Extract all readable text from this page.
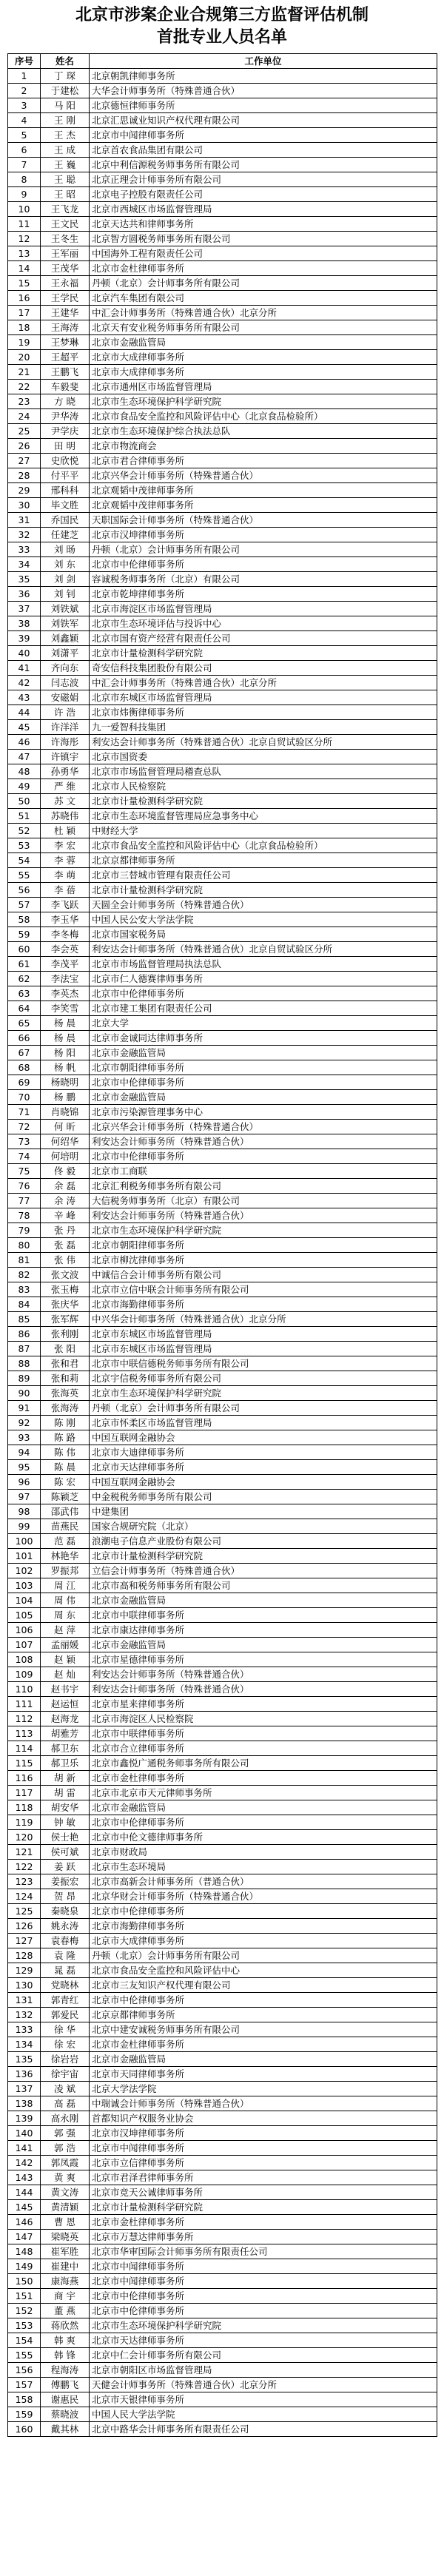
北京市涉案企业合规第三方监督评估机制
首批专业人员名单
序号	姓名	工作单位
1	丁 琛	北京朝凯律师事务所
2	于建松	大华会计师事务所（特殊普通合伙）
3	马 阳	北京德恒律师事务所
4	王 刚	北京汇思诚业知识产权代理有限公司
5	王 杰	北京市中闻律师事务所
6	王 成	北京首农食品集团有限公司
7	王 巍	北京中利信源税务师事务所有限公司
8	王 聪	北京正理会计师事务所有限公司
9	王 昭	北京电子控股有限责任公司
10	王飞龙	北京市西城区市场监督管理局
11	王文民	北京天达共和律师事务所
12	王冬生	北京智方圆税务师事务所有限公司
13	王军丽	中国海外工程有限责任公司
14	王茂华	北京市金杜律师事务所
15	王永福	丹顿（北京）会计师事务所有限公司
16	王学民	北京汽车集团有限公司
17	王建华	中汇会计师事务所（特殊普通合伙）北京分所
18	王海涛	北京天有安业税务师事务所有限公司
19	王梦琳	北京市金融监管局
20	王超平	北京市大成律师事务所
21	王鹏飞	北京市大成律师事务所
22	车毅斐	北京市通州区市场监督管理局
23	方 晓	北京市生态环境保护科学研究院
24	尹华涛	北京市食品安全监控和风险评估中心（北京食品检验所）
25	尹学庆	北京市生态环境保护综合执法总队
26	田 明	北京市物流商会
27	史欣悦	北京市君合律师事务所
28	付平平	北京兴华会计师事务所（特殊普通合伙）
29	邢科科	北京观韬中茂律师事务所
30	毕文胜	北京观韬中茂律师事务所
31	乔国民	天职国际会计师事务所（特殊普通合伙）
32	任建芝	北京市汉坤律师事务所
33	刘 旸	丹顿（北京）会计师事务所有限公司
34	刘 东	北京市中伦律师事务所
35	刘 剑	容诚税务师事务所（北京）有限公司
36	刘 钊	北京市乾坤律师事务所
37	刘铁斌	北京市海淀区市场监督管理局
38	刘铁军	北京市生态环境评估与投诉中心
39	刘鑫颖	北京市国有资产经营有限责任公司
40	刘潇平	北京市计量检测科学研究院
41	齐向东	奇安信科技集团股份有限公司
42	闫志波	中汇会计师事务所（特殊普通合伙）北京分所
43	安磁娟	北京市东城区市场监督管理局
44	许 浩	北京市炜衡律师事务所
45	许洋洋	九一爱智科技集团
46	许海彤	利安达会计师事务所（特殊普通合伙）北京自贸试验区分所
47	许镇宇	北京市国资委
48	孙勇华	北京市市场监督管理局稽查总队
49	严 维	北京市人民检察院
50	苏 文	北京市计量检测科学研究院
51	苏晓伟	北京市生态环境监督管理局应急事务中心
52	杜 颖	中财经大学
53	李 宏	北京市食品安全监控和风险评估中心（北京食品检验所）
54	李 蓉	北京京都律师事务所
55	李 萌	北京市三替城市管理有限责任公司
56	李 蓓	北京市计量检测科学研究院
57	李飞跃	天圆全会计师事务所（特殊普通合伙）
58	李玉华	中国人民公安大学法学院
59	李冬梅	北京市国家税务局
60	李会英	利安达会计师事务所（特殊普通合伙）北京自贸试验区分所
61	李茂平	北京市市场监督管理局执法总队
62	李法宝	北京市仁人德赛律师事务所
63	李英杰	北京市中伦律师事务所
64	李笑雪	北京市建工集团有限责任公司
65	杨 晨	北京大学
66	杨 晨	北京市金诚同达律师事务所
67	杨 阳	北京市金融监管局
68	杨 帆	北京市朝阳律师事务所
69	杨晓明	北京市中伦律师事务所
70	杨 鹏	北京市金融监管局
71	肖晓锦	北京市污染源管理事务中心
72	何 昕	北京兴华会计师事务所（特殊普通合伙）
73	何绍华	利安达会计师事务所（特殊普通合伙）
74	何培明	北京市中伦律师事务所
75	佟 毅	北京市工商联
76	余 磊	北京汇利税务师事务所有限公司
77	余 涛	大信税务师事务所（北京）有限公司
78	辛 峰	利安达会计师事务所（特殊普通合伙）
79	张 丹	北京市生态环境保护科学研究院
80	张 磊	北京市朝阳律师事务所
81	张 伟	北京市柳沈律师事务所
82	张文波	中诚信合会计师事务所有限公司
83	张玉梅	北京市立信中联会计师事务所有限公司
84	张庆华	北京市海勤律师事务所
85	张军辉	中兴华会计师事务所（特殊普通合伙）北京分所
86	张利刚	北京市东城区市场监督管理局
87	张 阳	北京市东城区市场监督管理局
88	张和君	北京市中联信德税务师事务所有限公司
89	张和莉	北京宇信税务师事务所有限公司
90	张海英	北京市生态环境保护科学研究院
91	张海涛	丹顿（北京）会计师事务所有限公司
92	陈 刚	北京市怀柔区市场监督管理局
93	陈 路	中国互联网金融协会
94	陈 伟	北京市大迪律师事务所
95	陈 晨	北京市天达律师事务所
96	陈 宏	中国互联网金融协会
97	陈颖芝	中金税税务师事务所有限公司
98	邵武伟	中建集团
99	苗燕民	国家合规研究院（北京）
100	范 磊	浪潮电子信息产业股份有限公司
101	林艳华	北京市计量检测科学研究院
102	罗振邦	立信会计师事务所（特殊普通合伙）
103	周 江	北京市高和税务师事务所有限公司
104	周 伟	北京市金融监管局
105	周 东	北京市中联律师事务所
106	赵 萍	北京市康达律师事务所
107	孟丽媛	北京市金融监管局
108	赵 颖	北京市星德律师事务所
109	赵 灿	利安达会计师事务所（特殊普通合伙）
110	赵书宇	利安达会计师事务所（特殊普通合伙）
111	赵运恒	北京市星来律师事务所
112	赵海龙	北京市海淀区人民检察院
113	胡雅芳	北京市中联律师事务所
114	郝卫东	北京市合立律师事务所
115	郝卫乐	北京市鑫悦广通税务师事务所有限公司
116	胡 新	北京市金杜律师事务所
117	胡 雷	北京市北京市天元律师事务所
118	胡安华	北京市金融监管局
119	钟 敏	北京市中伦律师事务所
120	侯士艳	北京市中伦文德律师事务所
121	侯可斌	北京市财政局
122	姜 跃	北京市生态环境局
123	姜振宏	北京市高新会计师事务所（普通合伙）
124	贺 昂	北京华财会计师事务所（特殊普通合伙）
125	秦晓泉	北京市中伦律师事务所
126	姚永涛	北京市海勤律师事务所
127	袁春梅	北京市大成律师事务所
128	袁 隆	丹顿（北京）会计师事务所有限公司
129	晁 磊	北京市食品安全监控和风险评估中心
130	党晓林	北京市三友知识产权代理有限公司
131	郭青红	北京市中伦律师事务所
132	郭爱民	北京京都律师事务所
133	徐 华	北京中建安诚税务师事务所有限公司
134	徐 宏	北京市金杜律师事务所
135	徐岩岩	北京市金融监管局
136	徐宇宙	北京市天同律师事务所
137	凌 斌	北京大学法学院
138	高 磊	中瑞诚会计师事务所（特殊普通合伙）
139	高永刚	首都知识产权服务业协会
140	郭 强	北京市汉坤律师事务所
141	郭 浩	北京市中闻律师事务所
142	郭凤霞	北京市立信律师事务所
143	黄 爽	北京市君泽君律师事务所
144	黄文涛	北京市竞天公诚律师事务所
145	黄清颖	北京市计量检测科学研究院
146	曹 恩	北京市金杜律师事务所
147	梁晓英	北京市万慧达律师事务所
148	崔军胜	北京市华审国际会计师事务所有限责任公司
149	崔建中	北京市中闻律师事务所
150	康海燕	北京市中闻律师事务所
151	商 宇	北京市中伦律师事务所
152	董 燕	北京市中伦律师事务所
153	蒋欣然	北京市生态环境保护科学研究院
154	韩 爽	北京市天达律师事务所
155	韩 锋	北京中仁会计师事务所有限公司
156	程海涛	北京市朝阳区市场监督管理局
157	傅鹏飞	天健会计师事务所（特殊普通合伙）北京分所
158	谢惠民	北京市天银律师事务所
159	蔡晓波	中国人民大学法学院
160	戴其林	北京中路华会计师事务所有限责任公司
